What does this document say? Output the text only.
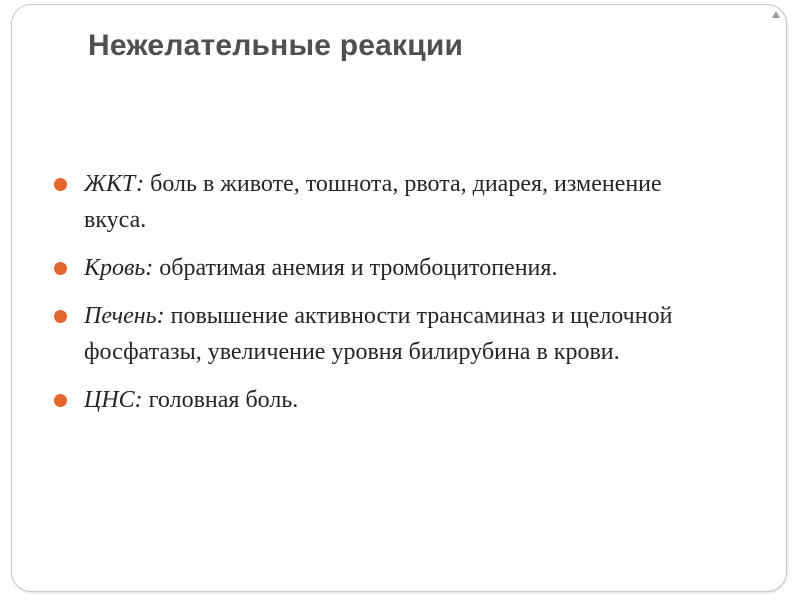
Нежелательные реакции
ЖКТ: боль в животе, тошнота, рвота, диарея, изменение вкуса.
Кровь: обратимая анемия и тромбоцитопения.
Печень: повышение активности трансаминаз и щелочной фосфатазы, увеличение уровня билирубина в крови.
ЦНС: головная боль.
